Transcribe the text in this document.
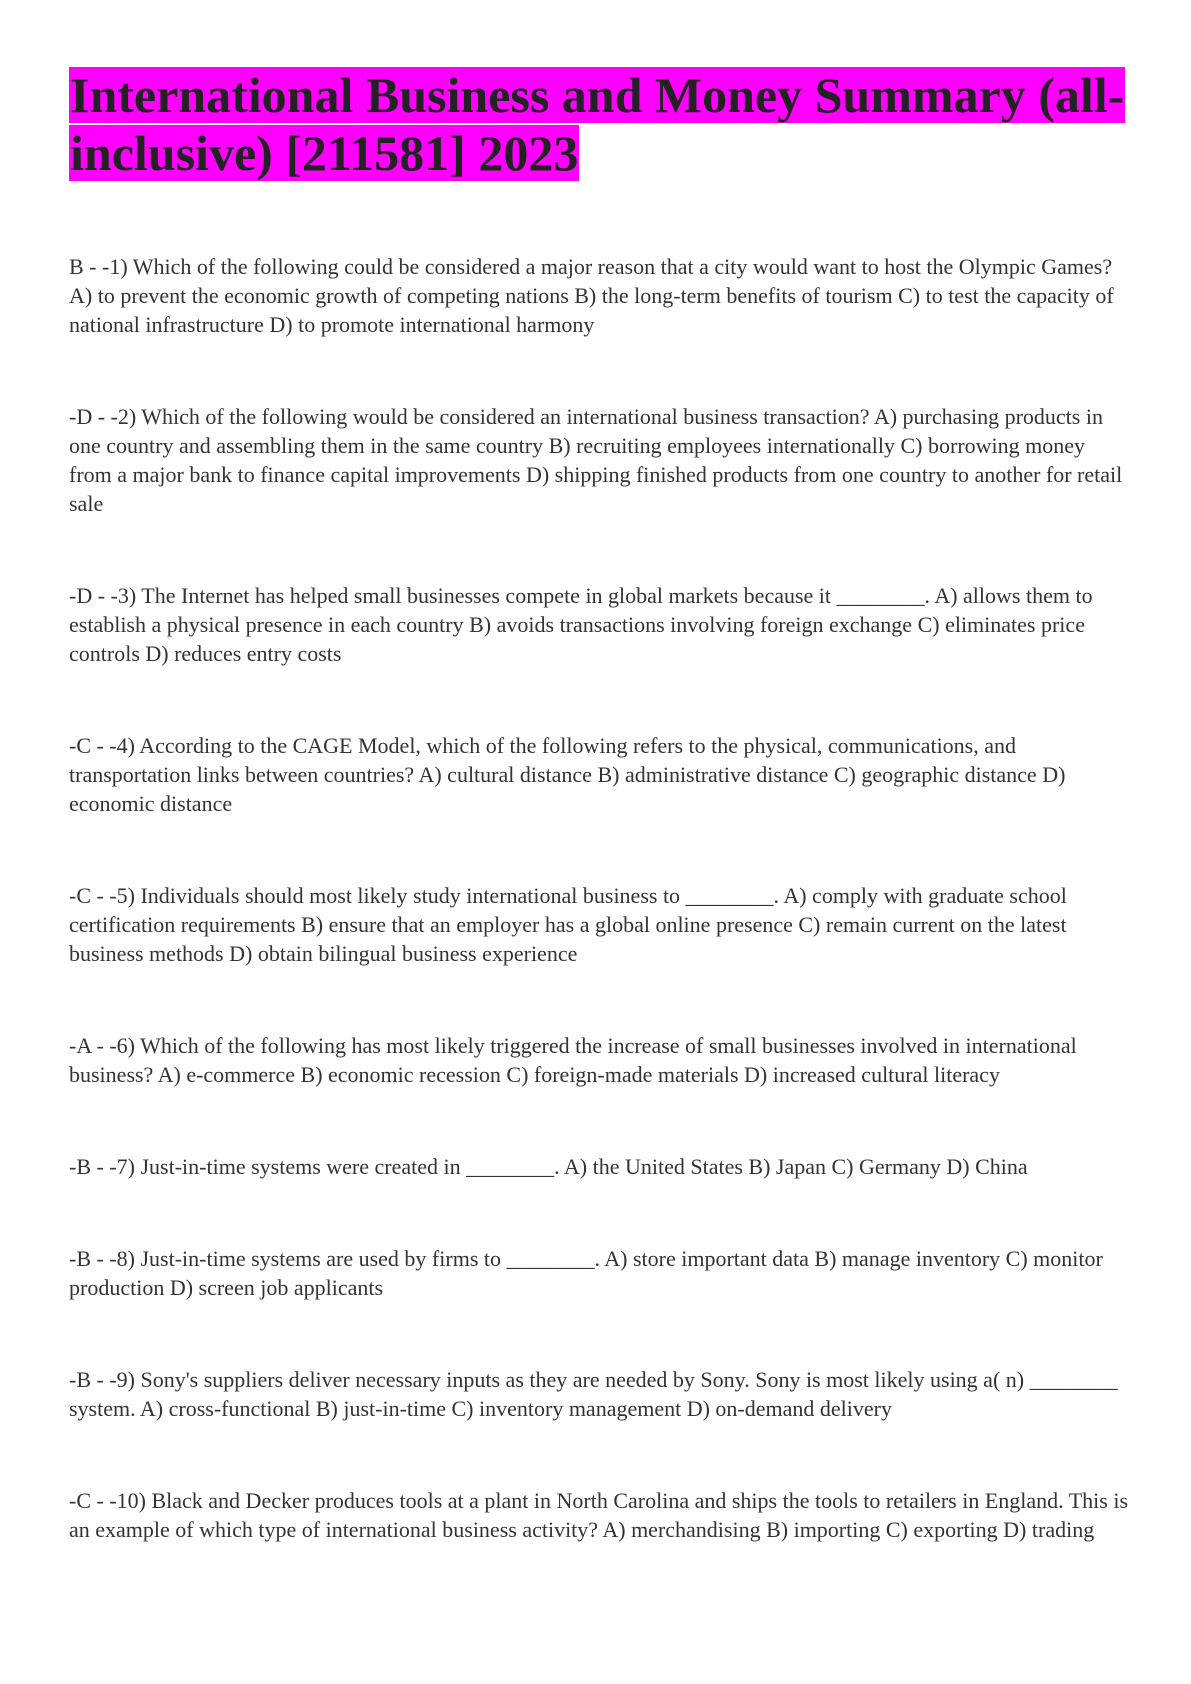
International Business and Money Summary (all-inclusive) [211581] 2023

B - -1) Which of the following could be considered a major reason that a city would want to host the Olympic Games? A) to prevent the economic growth of competing nations B) the long-term benefits of tourism C) to test the capacity of national infrastructure D) to promote international harmony

-D - -2) Which of the following would be considered an international business transaction? A) purchasing products in one country and assembling them in the same country B) recruiting employees internationally C) borrowing money from a major bank to finance capital improvements D) shipping finished products from one country to another for retail sale

-D - -3) The Internet has helped small businesses compete in global markets because it ________. A) allows them to establish a physical presence in each country B) avoids transactions involving foreign exchange C) eliminates price controls D) reduces entry costs

-C - -4) According to the CAGE Model, which of the following refers to the physical, communications, and transportation links between countries? A) cultural distance B) administrative distance C) geographic distance D) economic distance

-C - -5) Individuals should most likely study international business to ________. A) comply with graduate school certification requirements B) ensure that an employer has a global online presence C) remain current on the latest business methods D) obtain bilingual business experience

-A - -6) Which of the following has most likely triggered the increase of small businesses involved in international business? A) e-commerce B) economic recession C) foreign-made materials D) increased cultural literacy

-B - -7) Just-in-time systems were created in ________. A) the United States B) Japan C) Germany D) China

-B - -8) Just-in-time systems are used by firms to ________. A) store important data B) manage inventory C) monitor production D) screen job applicants

-B - -9) Sony's suppliers deliver necessary inputs as they are needed by Sony. Sony is most likely using a( n) ________ system. A) cross-functional B) just-in-time C) inventory management D) on-demand delivery

-C - -10) Black and Decker produces tools at a plant in North Carolina and ships the tools to retailers in England. This is an example of which type of international business activity? A) merchandising B) importing C) exporting D) trading
